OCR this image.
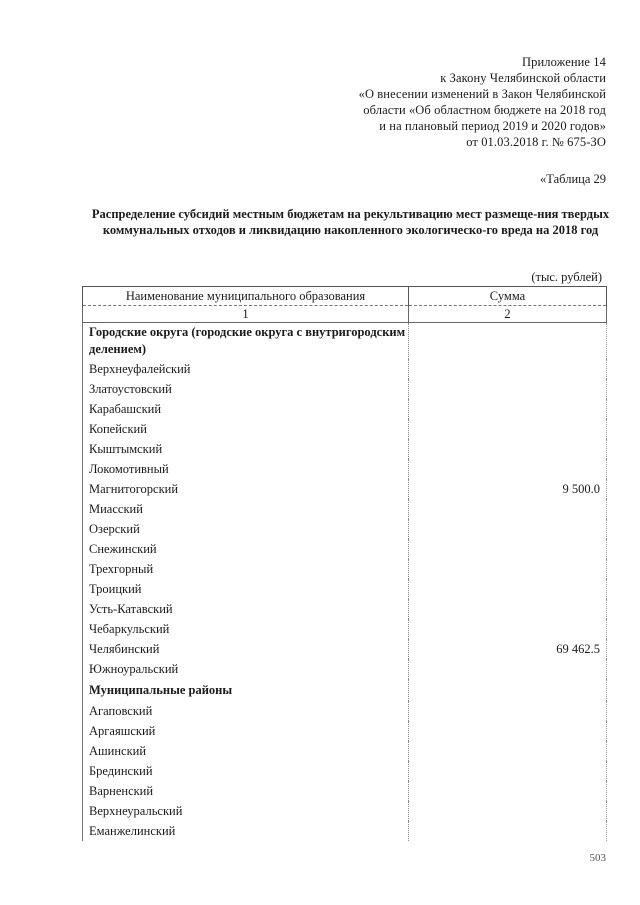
Приложение 14
к Закону Челябинской области
«О внесении изменений в Закон Челябинской
области «Об областном бюджете на 2018 год
и на плановый период 2019 и 2020 годов»
от 01.03.2018 г. № 675-ЗО
«Таблица 29
Распределение субсидий местным бюджетам на рекультивацию мест размеще-ния твердых коммунальных отходов и ликвидацию накопленного экологическо-го вреда на 2018 год
(тыс. рублей)
Наименование муниципального образования	Сумма
1	2
Городские округа (городские округа с внутригородским делением)	
Верхнеуфалейский	
Златоустовский	
Карабашский	
Копейский	
Кыштымский	
Локомотивный	
Магнитогорский	9 500.0
Миасский	
Озерский	
Снежинский	
Трехгорный	
Троицкий	
Усть-Катавский	
Чебаркульский	
Челябинский	69 462.5
Южноуральский	
Муниципальные районы	
Агаповский	
Аргаяшский	
Ашинский	
Брединский	
Варненский	
Верхнеуральский	
Еманжелинский	
503
